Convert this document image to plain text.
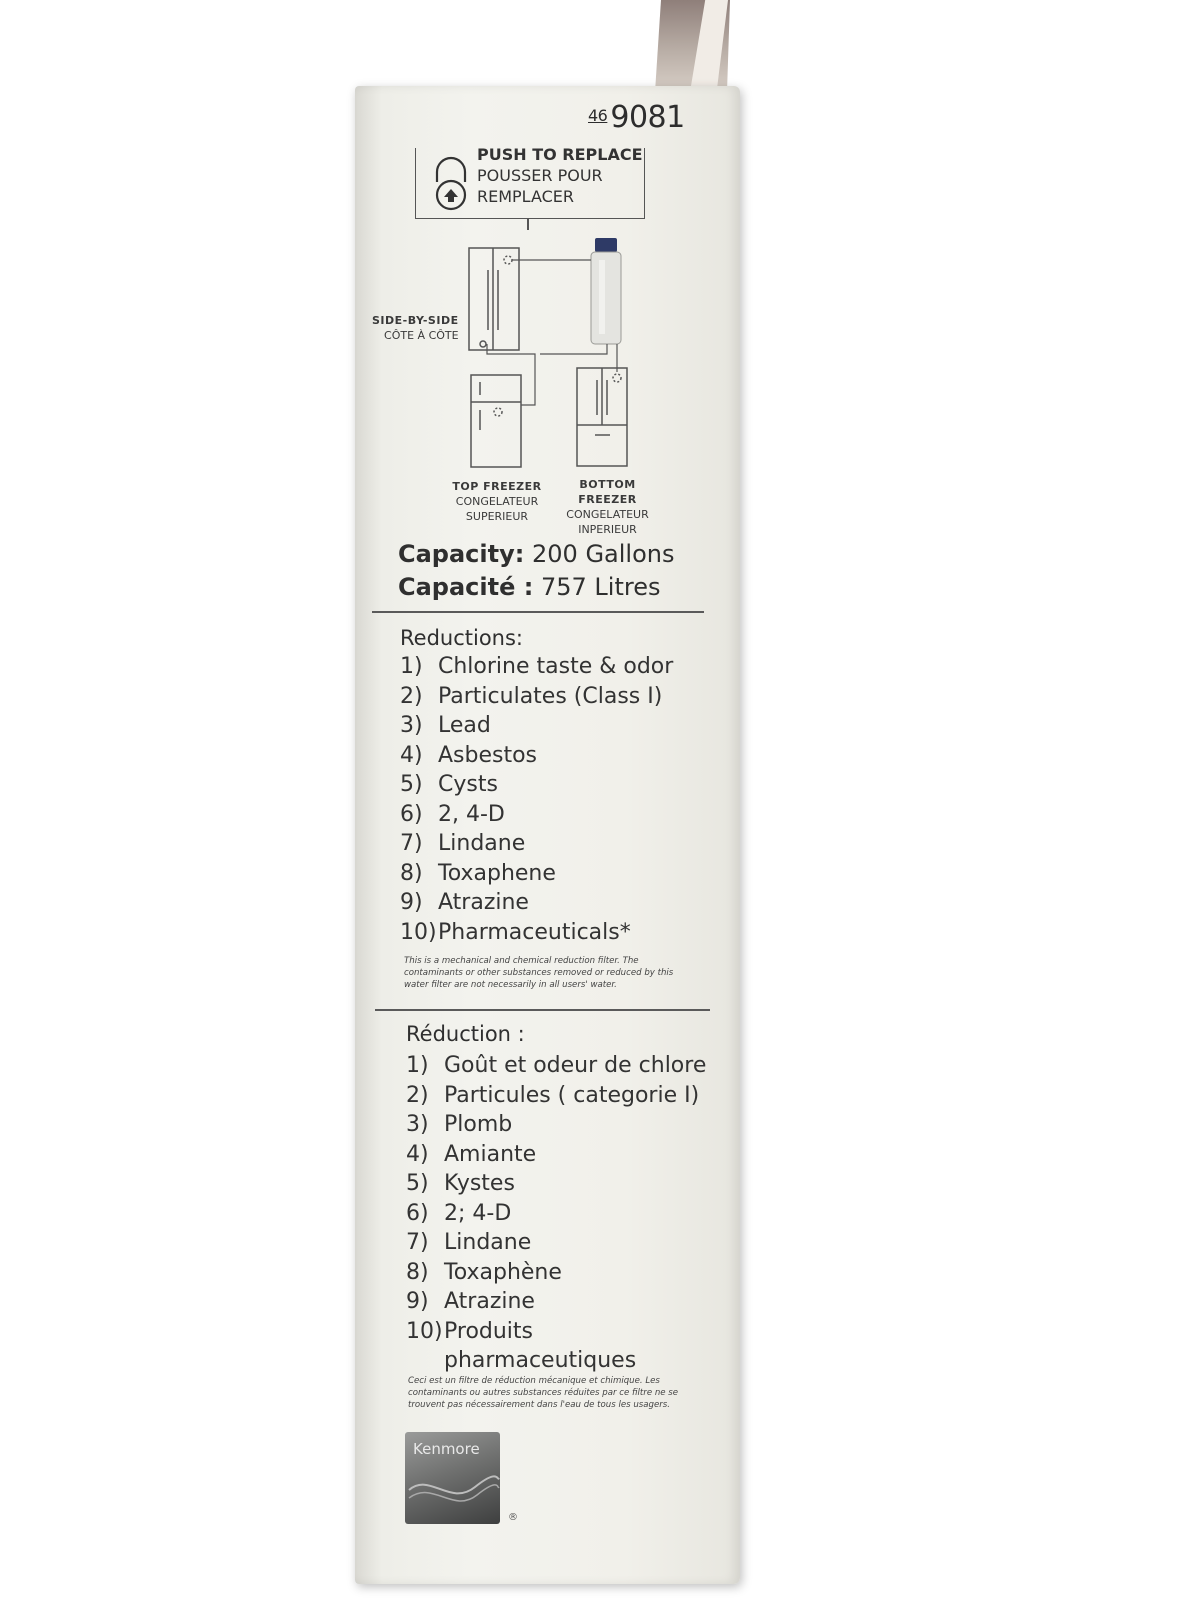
$^{46}$ 9081
PUSH TO REPLACE
POUSSER POUR
REMPLACER
SIDE-BY-SIDE
CÔTE À CÔTE
TOP FREEZER
CONGELATEUR
SUPERIEUR
BOTTOM FREEZER
CONGELATEUR
INPERIEUR
Capacity: 200 Gallons
Capacité : 757 Litres
Reductions:
1) Chlorine taste & odor
2) Particulates (Class I)
3) Lead
4) Asbestos
5) Cysts
6) 2, 4-D
7) Lindane
8) Toxaphene
9) Atrazine
10) Pharmaceuticals*
This is a mechanical and chemical reduction filter. The contaminants or other substances removed or reduced by this water filter are not necessarily in all users' water.
Réduction :
1) Goût et odeur de chlore
2) Particules ( categorie I)
3) Plomb
4) Amiante
5) Kystes
6) 2; 4-D
7) Lindane
8) Toxaphène
9) Atrazine
10) Produits pharmaceutiques
Ceci est un filtre de réduction mécanique et chimique. Les contaminants ou autres substances réduites par ce filtre ne se trouvent pas nécessairement dans l'eau de tous les usagers.
Kenmore
®
